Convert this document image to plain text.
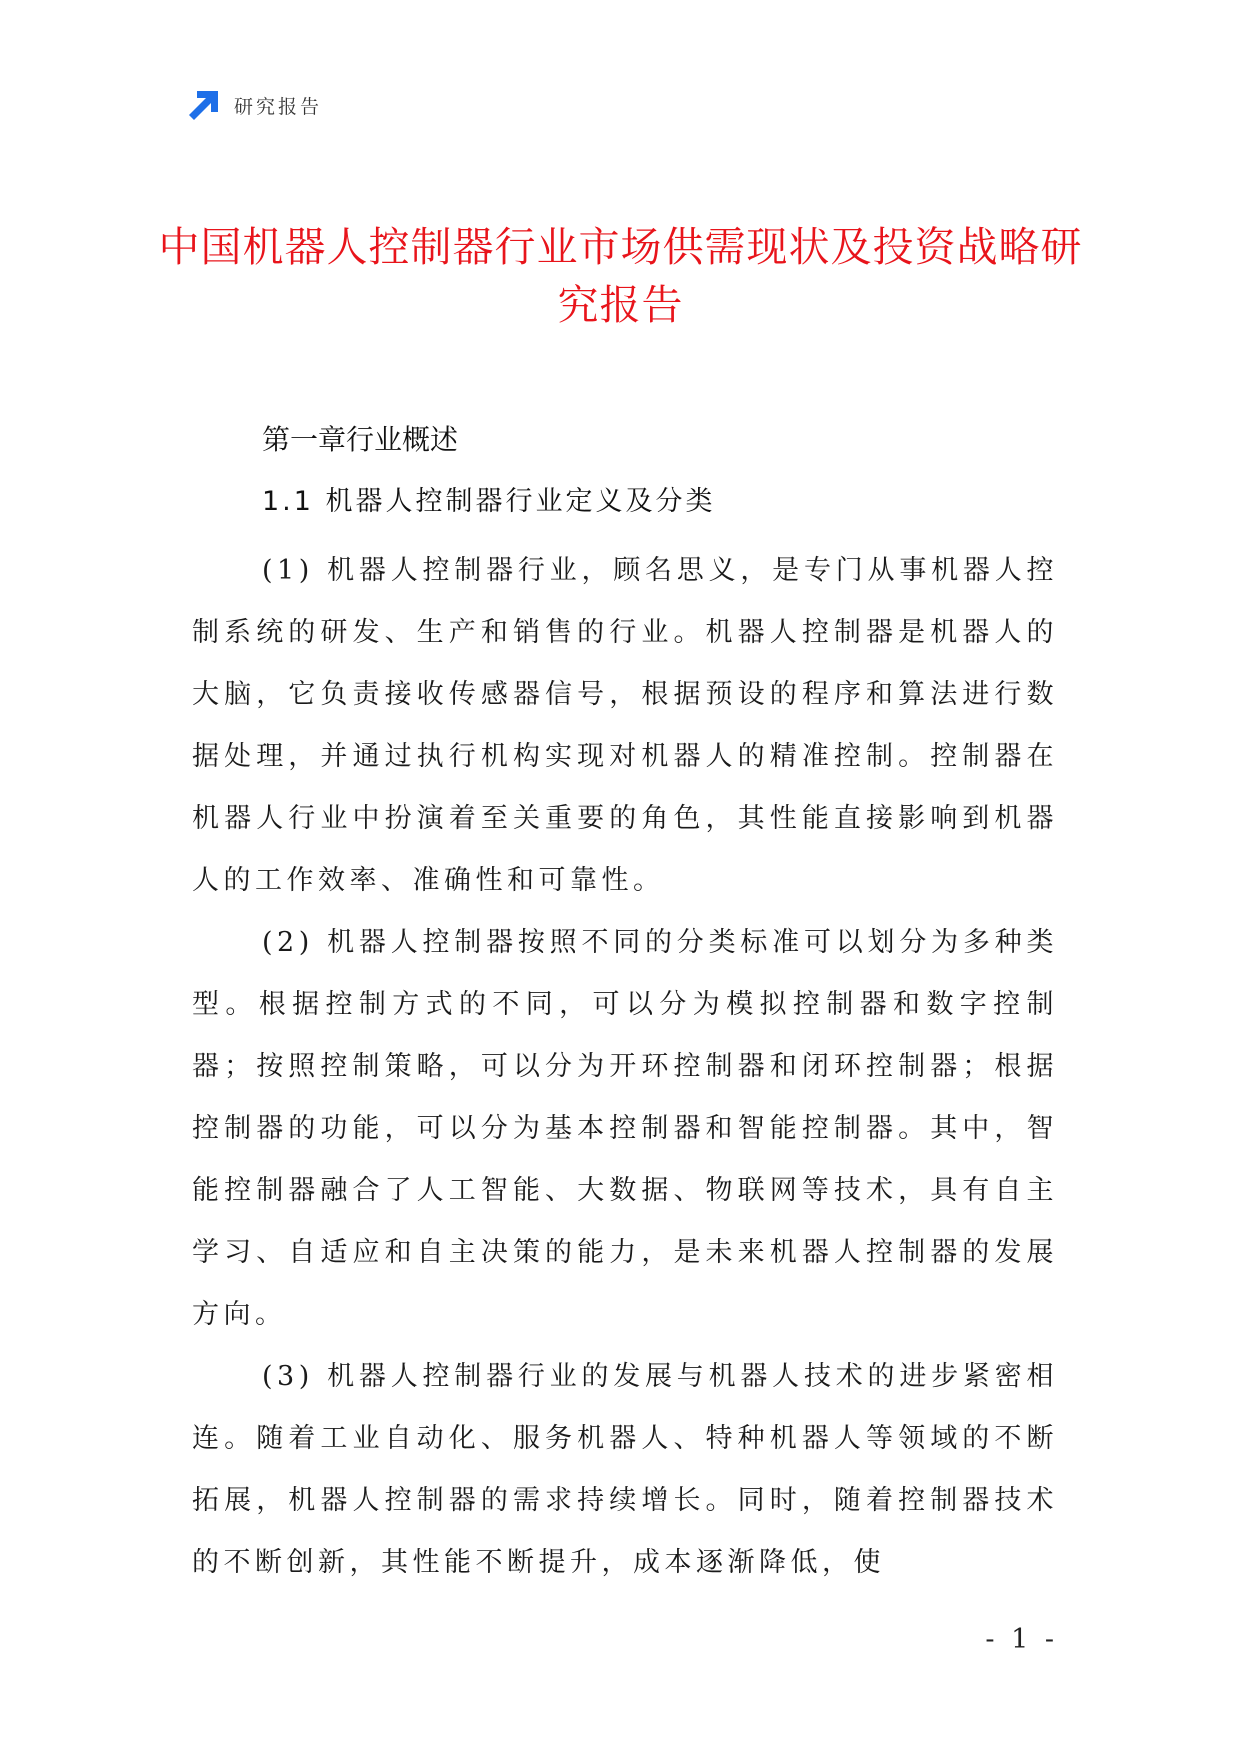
研究报告
中国机器人控制器行业市场供需现状及投资战略研究报告
第一章行业概述
1.1 机器人控制器行业定义及分类

(1) 机器人控制器行业，顾名思义，是专门从事机器人控制系统的研发、生产和销售的行业。机器人控制器是机器人的大脑，它负责接收传感器信号，根据预设的程序和算法进行数据处理，并通过执行机构实现对机器人的精准控制。控制器在机器人行业中扮演着至关重要的角色，其性能直接影响到机器人的工作效率、准确性和可靠性。

(2) 机器人控制器按照不同的分类标准可以划分为多种类型。根据控制方式的不同，可以分为模拟控制器和数字控制器；按照控制策略，可以分为开环控制器和闭环控制器；根据控制器的功能，可以分为基本控制器和智能控制器。其中，智能控制器融合了人工智能、大数据、物联网等技术，具有自主学习、自适应和自主决策的能力，是未来机器人控制器的发展方向。

(3) 机器人控制器行业的发展与机器人技术的进步紧密相连。随着工业自动化、服务机器人、特种机器人等领域的不断拓展，机器人控制器的需求持续增长。同时，随着控制器技术的不断创新，其性能不断提升，成本逐渐降低，使

- 1 -
